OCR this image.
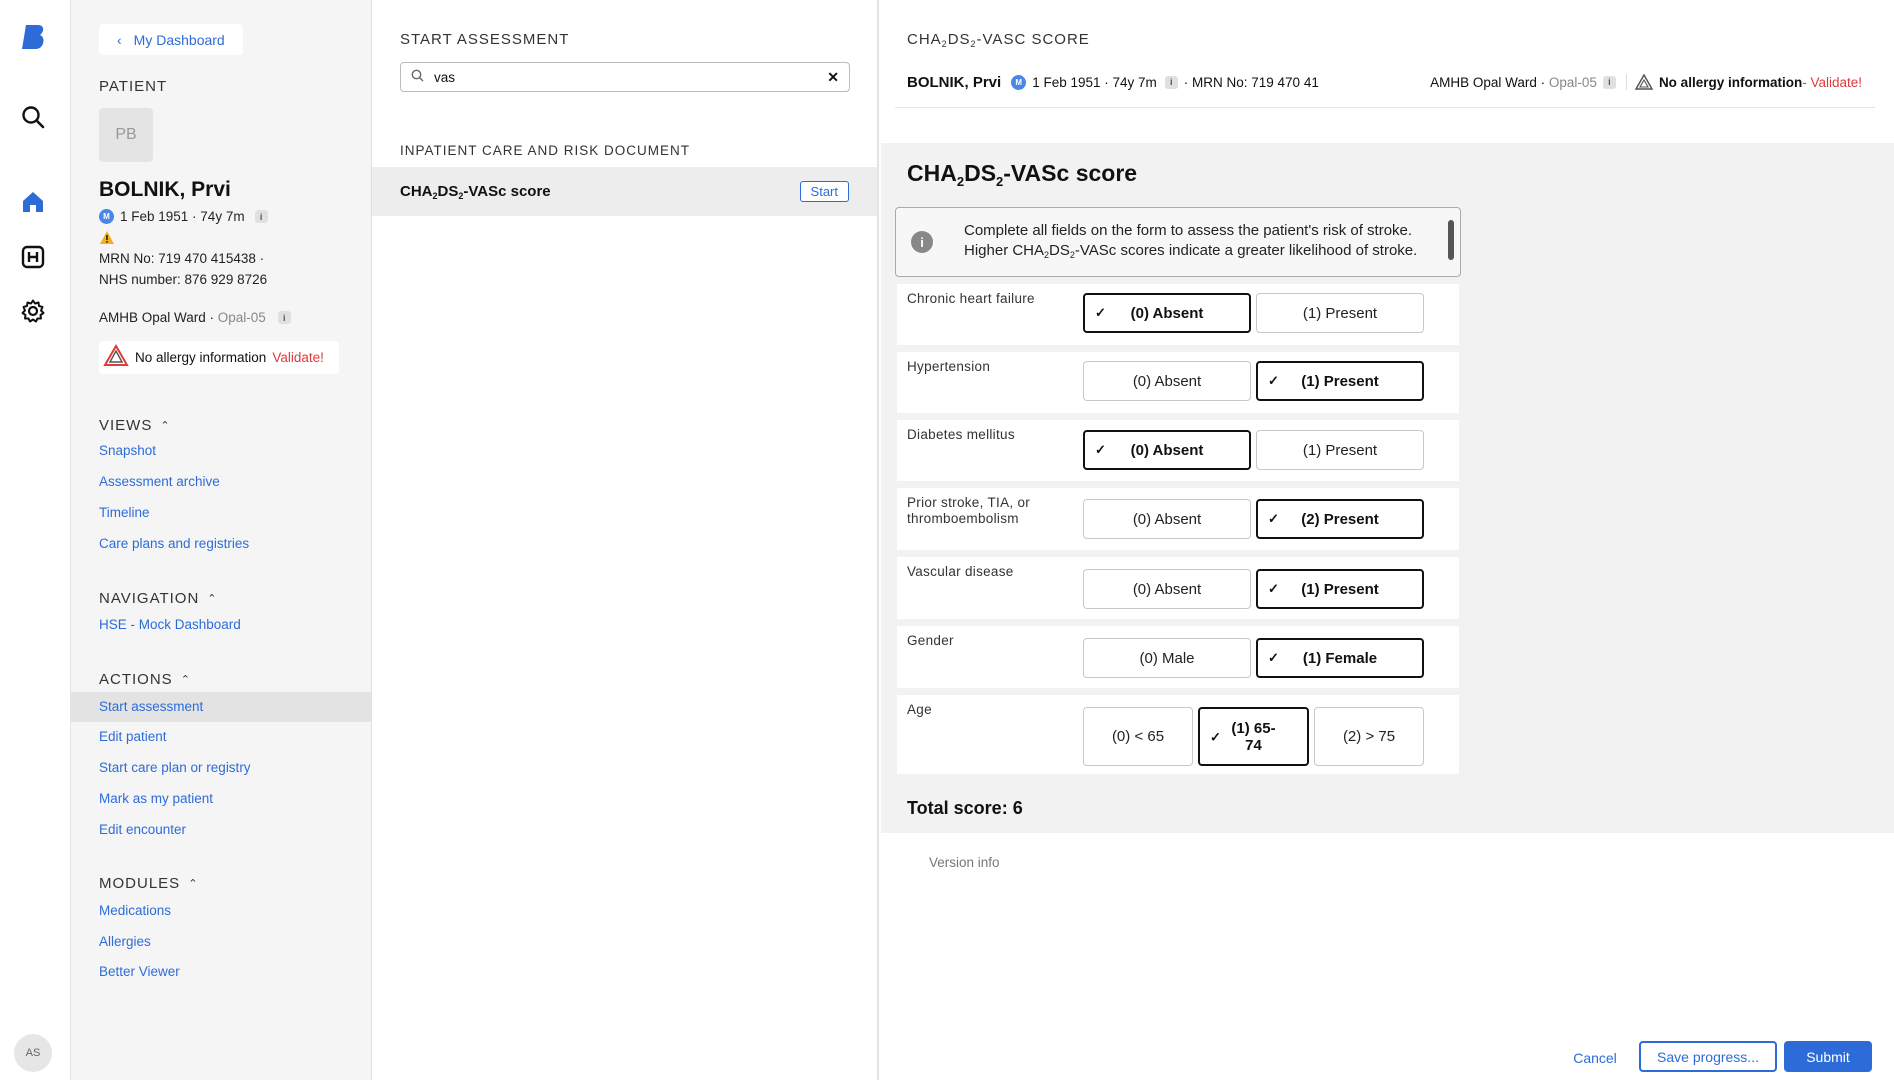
AS
‹ My Dashboard
PATIENT
PB
BOLNIK, Prvi
M 1 Feb 1951 · 74y 7m	i
MRN No: 719 470 415438 ·
NHS number: 876 929 8726
AMHB Opal Ward · Opal-05	i
No allergy information Validate!
VIEWS ⌃
Snapshot
Assessment archive
Timeline
Care plans and registries
NAVIGATION ⌃
HSE - Mock Dashboard
ACTIONS ⌃
Start assessment
Edit patient
Start care plan or registry
Mark as my patient
Edit encounter
MODULES ⌃
Medications
Allergies
Better Viewer
START ASSESSMENT
vas	✕
INPATIENT CARE AND RISK DOCUMENT
$CHA_2DS_2$-VASc score	Start
$CHA_2DS_2$-VASC SCORE
BOLNIK, Prvi	M 1 Feb 1951 · 74y 7m	i · MRN No: 719 470 41	AMHB Opal Ward · Opal-05	i	No allergy information - Validate!
$CHA_2DS_2$-VASc score
i
Complete all fields on the form to assess the patient's risk of stroke.
Higher $CHA_2DS_2$-VASc scores indicate a greater likelihood of stroke.
Chronic heart failure
✓ (0) Absent	(1) Present
Hypertension
(0) Absent	✓ (1) Present
Diabetes mellitus
✓ (0) Absent	(1) Present
Prior stroke, TIA, or
thromboembolism	(0) Absent	✓ (2) Present
Vascular disease
(0) Absent	✓ (1) Present
Gender
(0) Male	✓ (1) Female
Age
(0) < 65	✓ (1) 65-
74	(2) > 75
Total score: 6
Version info
Cancel	Save progress...	Submit
